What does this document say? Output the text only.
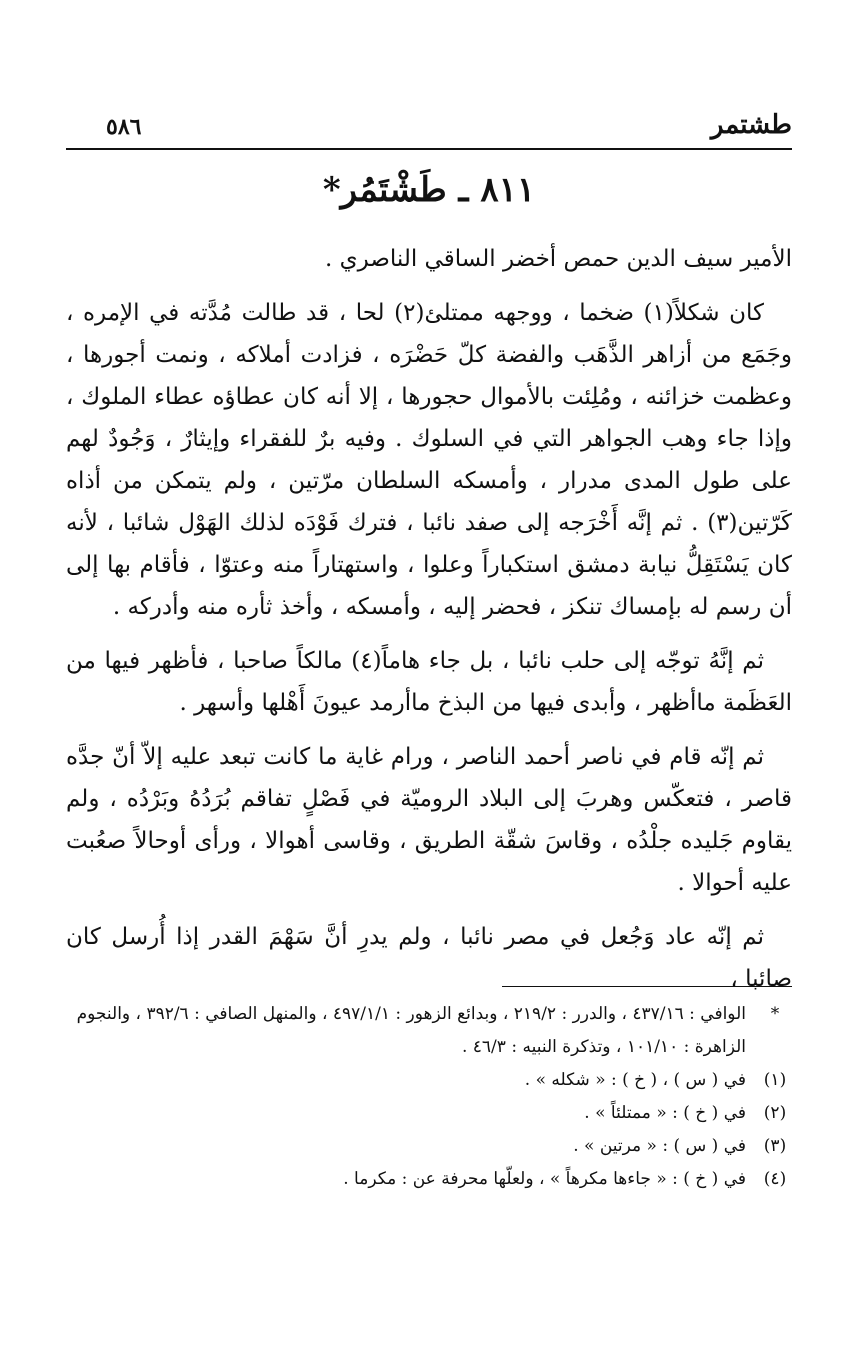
طشتمر
٥٨٦
٨١١ ـ طَشْتَمُر*

الأمير سيف الدين حمص أخضر الساقي الناصري .

كان شكلاً(١) ضخما ، ووجهه ممتلئ(٢) لحا ، قد طالت مُدَّته في الإمره ، وجَمَع من أزاهر الذَّهَب والفضة كلّ حَضْرَه ، فزادت أملاكه ، ونمت أجورها ، وعظمت خزائنه ، ومُلِئت بالأموال حجورها ، إلا أنه كان عطاؤه عطاء الملوك ، وإذا جاء وهب الجواهر التي في السلوك . وفيه برٌ للفقراء وإيثارٌ ، وَجُودٌ لهم على طول المدى مدرار ، وأمسكه السلطان مرّتين ، ولم يتمكن من أذاه كَرّتين(٣) . ثم إنَّه أَخْرَجه إلى صفد نائبا ، فترك فَوْدَه لذلك الهَوْل شائبا ، لأنه كان يَسْتَقِلُّ نيابة دمشق استكباراً وعلوا ، واستهتاراً منه وعتوّا ، فأقام بها إلى أن رسم له بإمساك تنكز ، فحضر إليه ، وأمسكه ، وأخذ ثأره منه وأدركه .

ثم إنَّهُ توجّه إلى حلب نائبا ، بل جاء هاماً(٤) مالكاً صاحبا ، فأظهر فيها من العَظَمة ماأظهر ، وأبدى فيها من البذخ ماأرمد عيونَ أَهْلها وأسهر .

ثم إنّه قام في ناصر أحمد الناصر ، ورام غاية ما كانت تبعد عليه إلاّ أنّ جدَّه قاصر ، فتعكّس وهربَ إلى البلاد الروميّة في فَصْلٍ تفاقم بُرَدُهُ وبَرْدُه ، ولم يقاوم جَليده جلْدُه ، وقاسَ شقّة الطريق ، وقاسى أهوالا ، ورأى أوحالاً صعُبت عليه أحوالا .

ثم إنّه عاد وَجُعل في مصر نائبا ، ولم يدرِ أنَّ سَهْمَ القدر إذا أُرسل كان صائبا ،

*
الوافي : ٤٣٧/١٦ ، والدرر : ٢١٩/٢ ، وبدائع الزهور : ٤٩٧/١/١ ، والمنهل الصافي : ٣٩٢/٦ ، والنجوم الزاهرة : ١٠١/١٠ ، وتذكرة النبيه : ٤٦/٣ .
(١)
في ( س ) ، ( خ ) : « شكله » .
(٢)
في ( خ ) : « ممتلئاً » .
(٣)
في ( س ) : « مرتين » .
(٤)
في ( خ ) : « جاءها مكرهاً » ، ولعلّها محرفة عن : مكرما .
